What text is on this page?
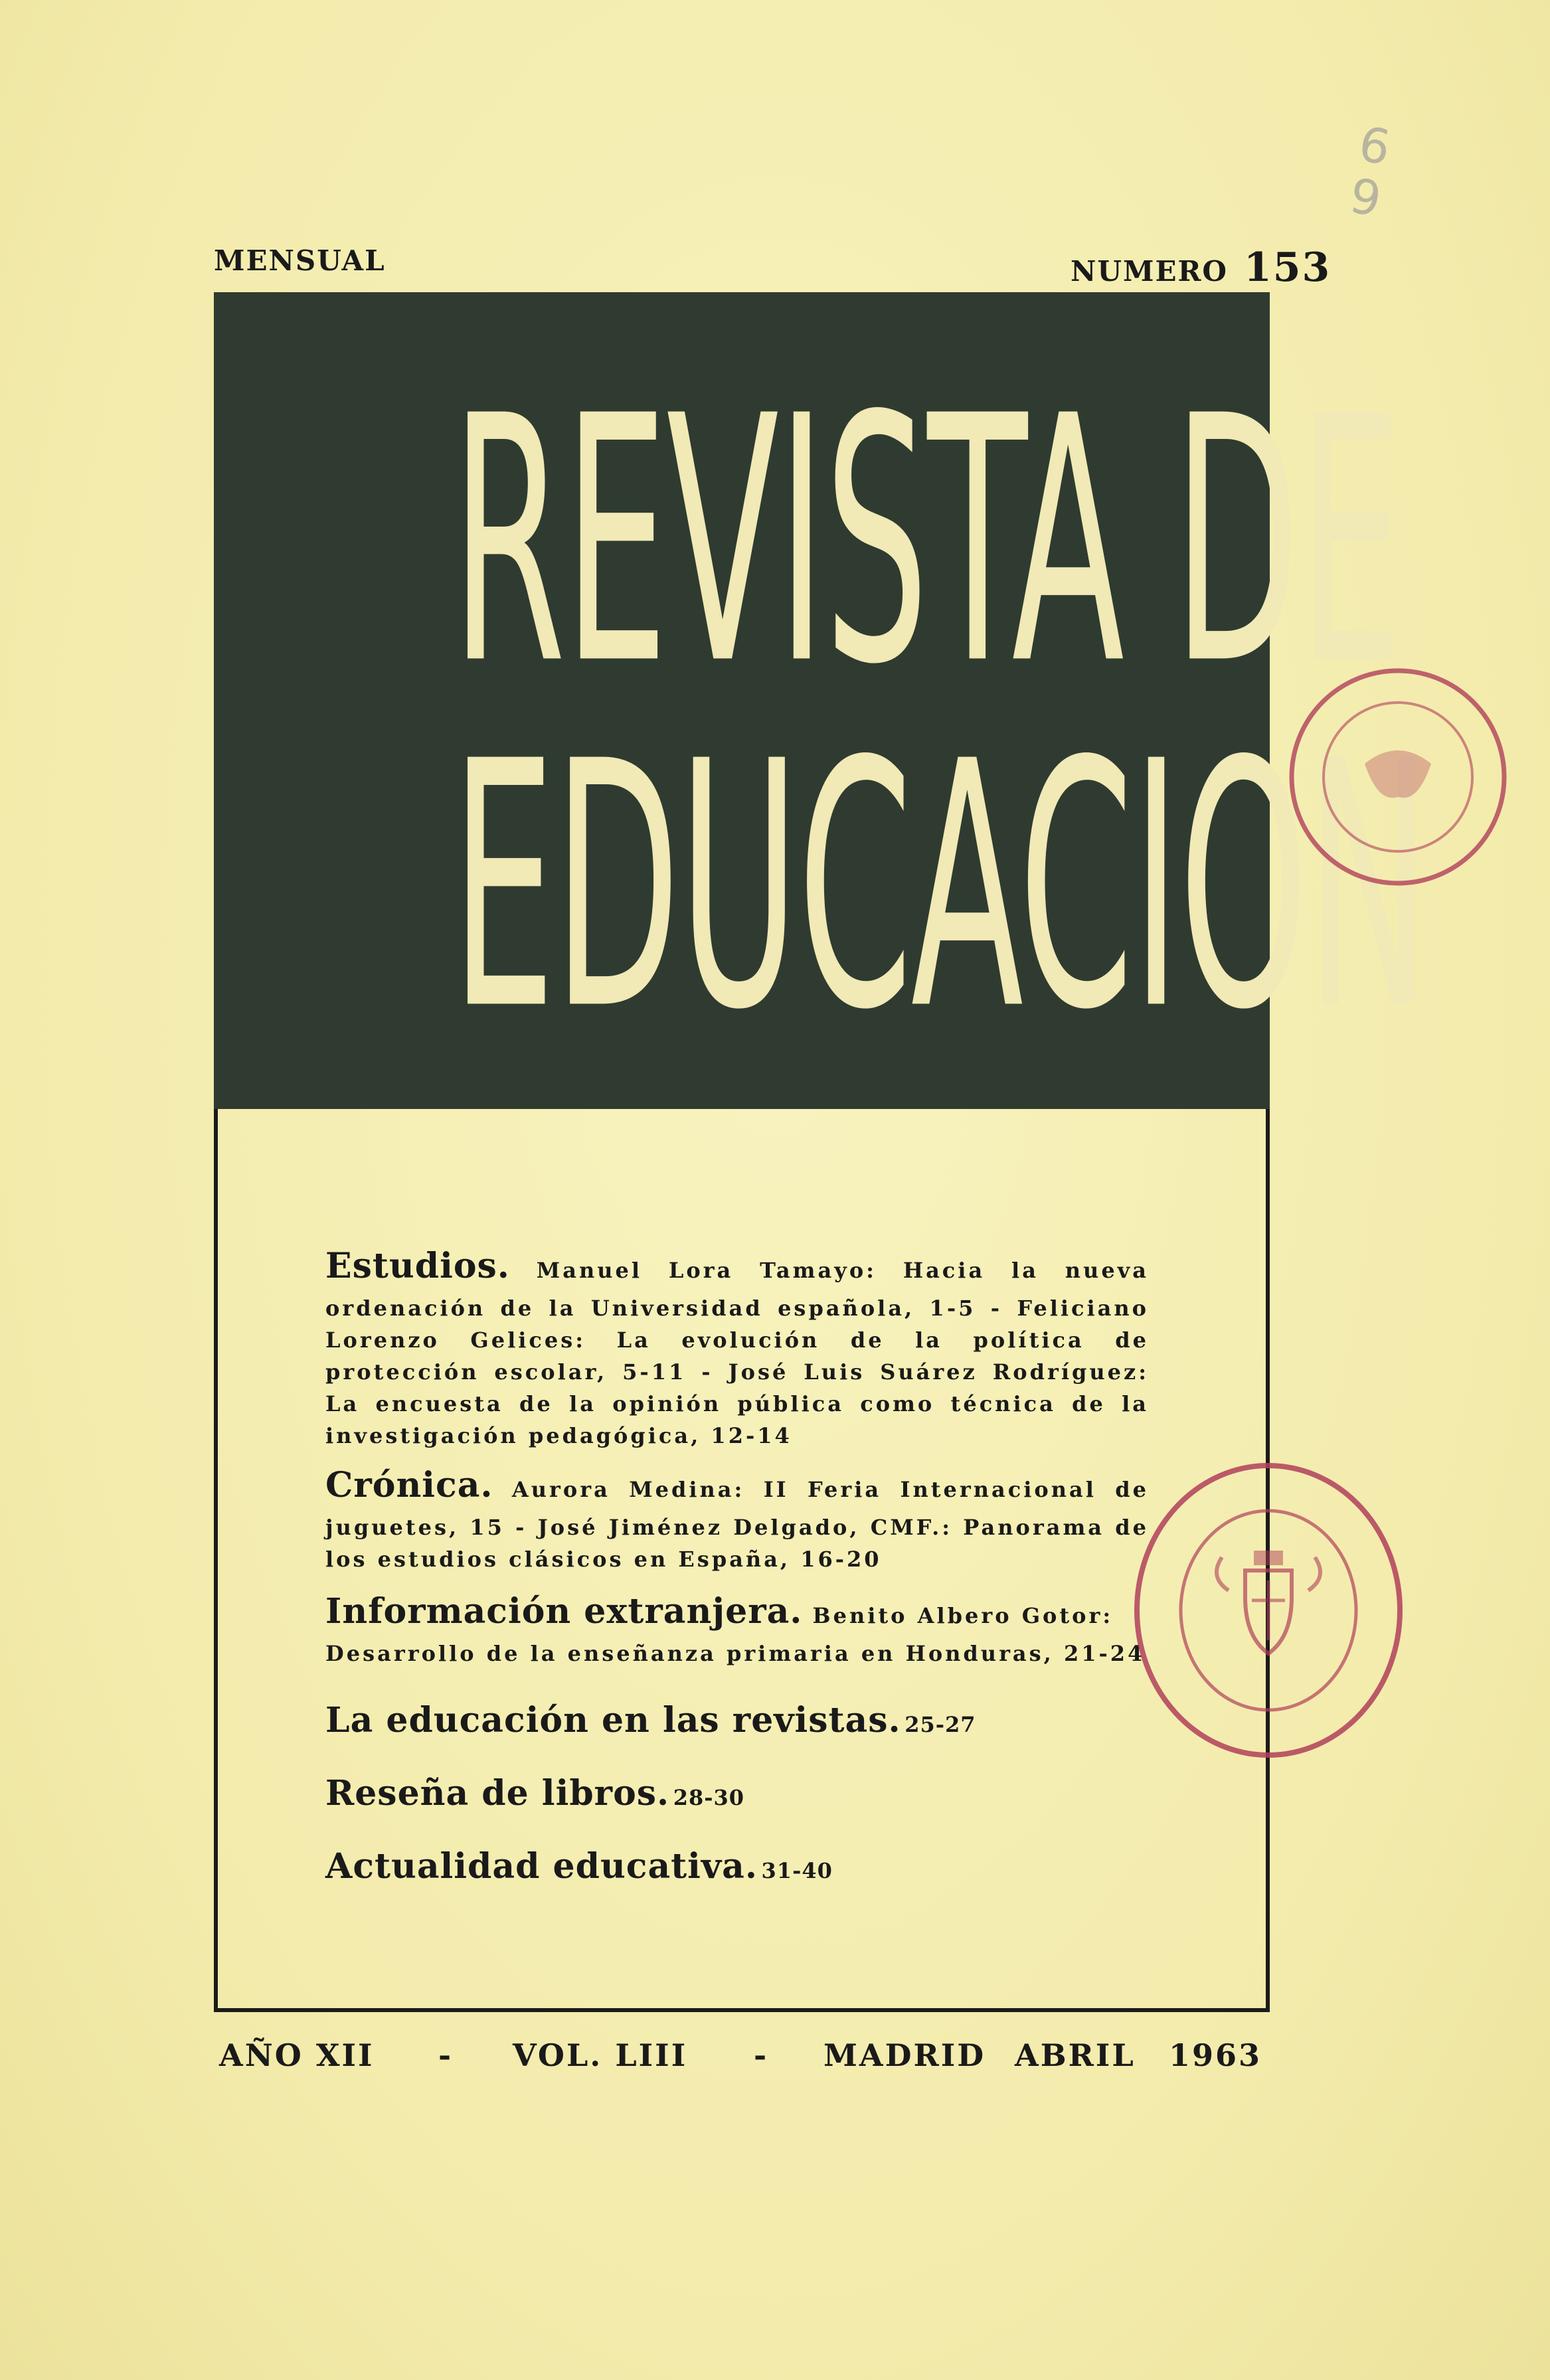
6
9
MENSUAL	NUMERO 153
REVISTA DE
EDUCACION

Estudios. Manuel Lora Tamayo: Hacia la nueva ordenación de la Universidad española, 1-5 - Feliciano Lorenzo Gelices: La evolución de la política de protección escolar, 5-11 - José Luis Suárez Rodríguez: La encuesta de la opinión pública como técnica de la investigación pedagógica, 12-14

Crónica. Aurora Medina: II Feria Internacional de juguetes, 15 - José Jiménez Delgado, CMF.: Panorama de los estudios clásicos en España, 16-20

Información extranjera. Benito Albero Gotor: Desarrollo de la enseñanza primaria en Honduras, 21-24

La educación en las revistas. 25-27

Reseña de libros. 28-30

Actualidad educativa. 31-40

AÑO XII - VOL. LIII - MADRID ABRIL 1963
